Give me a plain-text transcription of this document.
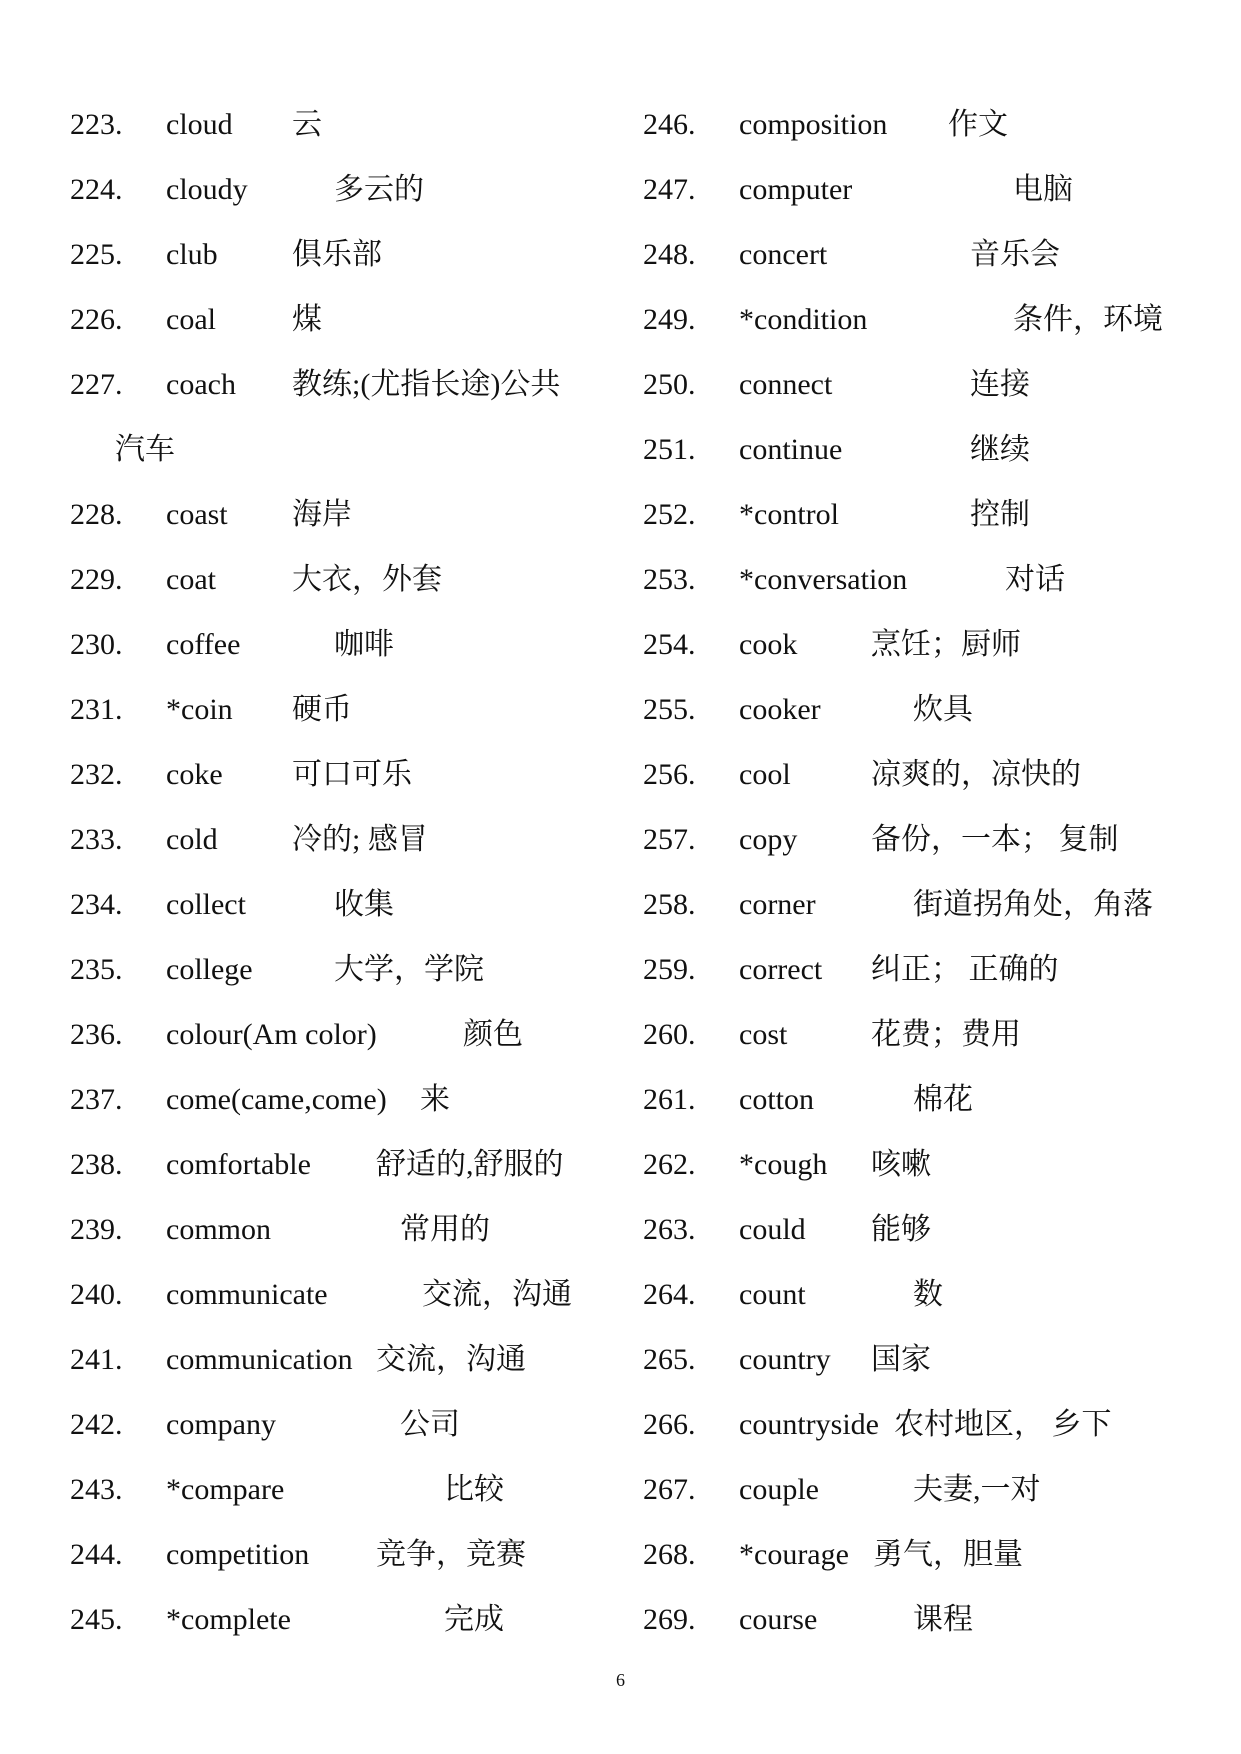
223. cloud 云
224. cloudy	多云的
225. club 俱乐部
226. coal	煤
227. coach 教练;(尤指长途)公共
汽车
228. coast 海岸
229. coat	大衣，外套
230. coffee	咖啡
231. *coin 硬币
232. coke 可口可乐
233. cold 冷的; 感冒
234. collect	收集
235. college	大学，学院
236. colour(Am color)	颜色
237. come(came,come) 来
238. comfortable 舒适的,舒服的
239. common	常用的
240. communicate	交流，沟通
241. communication 交流，沟通
242. company	公司
243. *compare	比较
244. competition 竞争，竞赛
245. *complete	完成
246. composition 作文
247. computer	电脑
248. concert	音乐会
249. *condition	条件，环境
250. connect	连接
251. continue	继续
252. *control	控制
253. *conversation	对话
254. cook 烹饪；厨师
255. cooker	炊具
256. cool	凉爽的，凉快的
257. copy 备份，一本； 复制
258. corner	街道拐角处，角落
259. correct 纠正； 正确的
260. cost	花费；费用
261. cotton	棉花
262. *cough 咳嗽
263. could 能够
264. count	数
265. country 国家
266. countryside 农村地区， 乡下
267. couple	夫妻,一对
268. *courage 勇气，胆量
269. course	课程
6
